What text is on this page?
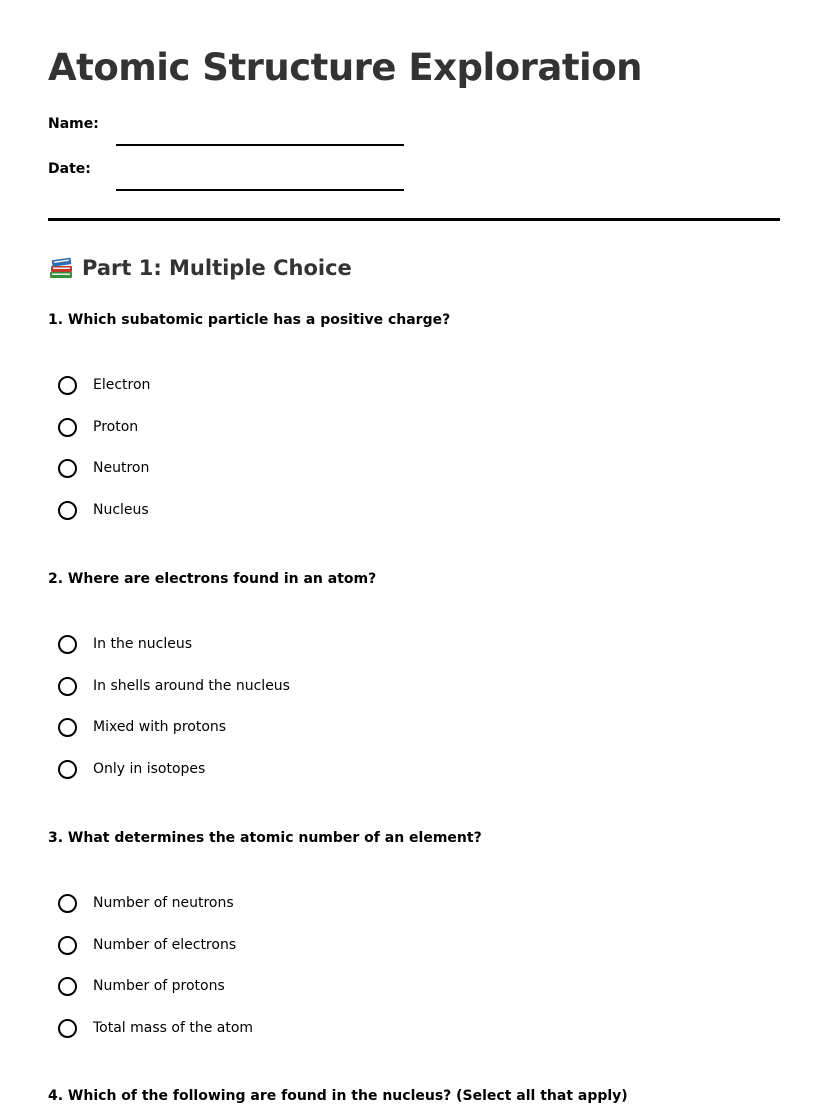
Atomic Structure Exploration
Name:
Date:
Part 1: Multiple Choice
1. Which subatomic particle has a positive charge?
Electron
Proton
Neutron
Nucleus
2. Where are electrons found in an atom?
In the nucleus
In shells around the nucleus
Mixed with protons
Only in isotopes
3. What determines the atomic number of an element?
Number of neutrons
Number of electrons
Number of protons
Total mass of the atom
4. Which of the following are found in the nucleus? (Select all that apply)
